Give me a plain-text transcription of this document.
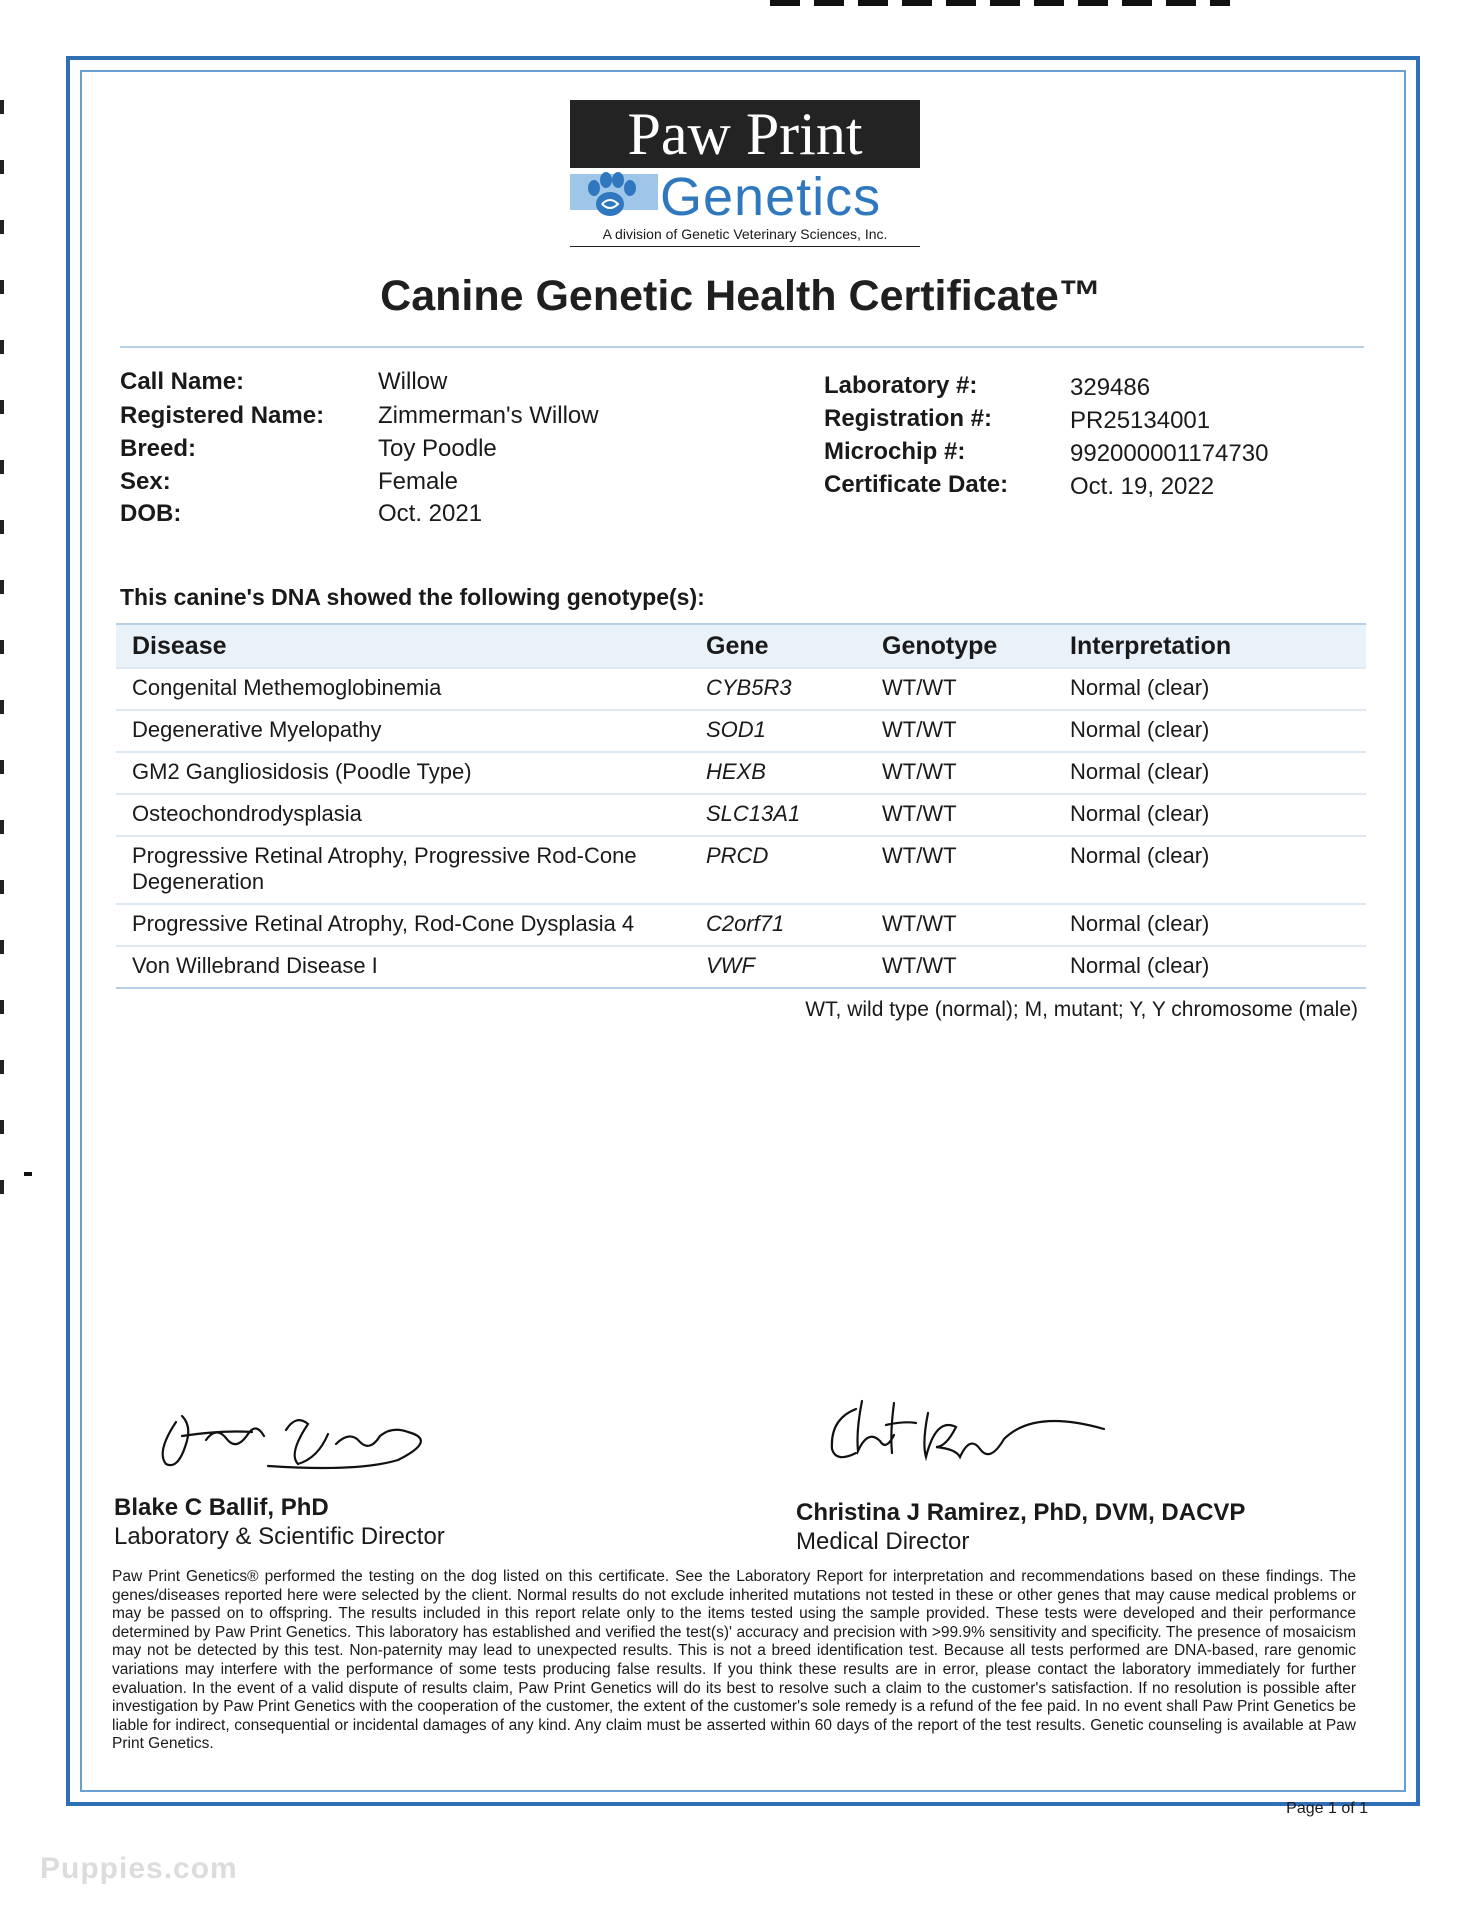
Paw Print
Genetics
A division of Genetic Veterinary Sciences, Inc.
Canine Genetic Health Certificate™
Call Name:	Willow
Registered Name: Zimmerman's Willow
Breed:	Toy Poodle
Sex:	Female
DOB:	Oct. 2021
Laboratory #:	329486
Registration #:	PR25134001
Microchip #:	992000001174730
Certificate Date:	Oct. 19, 2022
This canine's DNA showed the following genotype(s):
Disease	Gene	Genotype	Interpretation
Congenital Methemoglobinemia	CYB5R3	WT/WT	Normal (clear)
Degenerative Myelopathy	SOD1	WT/WT	Normal (clear)
GM2 Gangliosidosis (Poodle Type)	HEXB	WT/WT	Normal (clear)
Osteochondrodysplasia	SLC13A1	WT/WT	Normal (clear)
Progressive Retinal Atrophy, Progressive Rod-Cone Degeneration	PRCD	WT/WT	Normal (clear)
Progressive Retinal Atrophy, Rod-Cone Dysplasia 4	C2orf71	WT/WT	Normal (clear)
Von Willebrand Disease I	VWF	WT/WT	Normal (clear)
WT, wild type (normal); M, mutant; Y, Y chromosome (male)
Blake C Ballif, PhD
Laboratory & Scientific Director
Christina J Ramirez, PhD, DVM, DACVP
Medical Director
Paw Print Genetics® performed the testing on the dog listed on this certificate. See the Laboratory Report for interpretation and recommendations based on these findings. The genes/diseases reported here were selected by the client. Normal results do not exclude inherited mutations not tested in these or other genes that may cause medical problems or may be passed on to offspring. The results included in this report relate only to the items tested using the sample provided. These tests were developed and their performance determined by Paw Print Genetics. This laboratory has established and verified the test(s)' accuracy and precision with >99.9% sensitivity and specificity. The presence of mosaicism may not be detected by this test. Non-paternity may lead to unexpected results. This is not a breed identification test. Because all tests performed are DNA-based, rare genomic variations may interfere with the performance of some tests producing false results. If you think these results are in error, please contact the laboratory immediately for further evaluation. In the event of a valid dispute of results claim, Paw Print Genetics will do its best to resolve such a claim to the customer's satisfaction. If no resolution is possible after investigation by Paw Print Genetics with the cooperation of the customer, the extent of the customer's sole remedy is a refund of the fee paid. In no event shall Paw Print Genetics be liable for indirect, consequential or incidental damages of any kind. Any claim must be asserted within 60 days of the report of the test results. Genetic counseling is available at Paw Print Genetics.
Page 1 of 1
Puppies.com
